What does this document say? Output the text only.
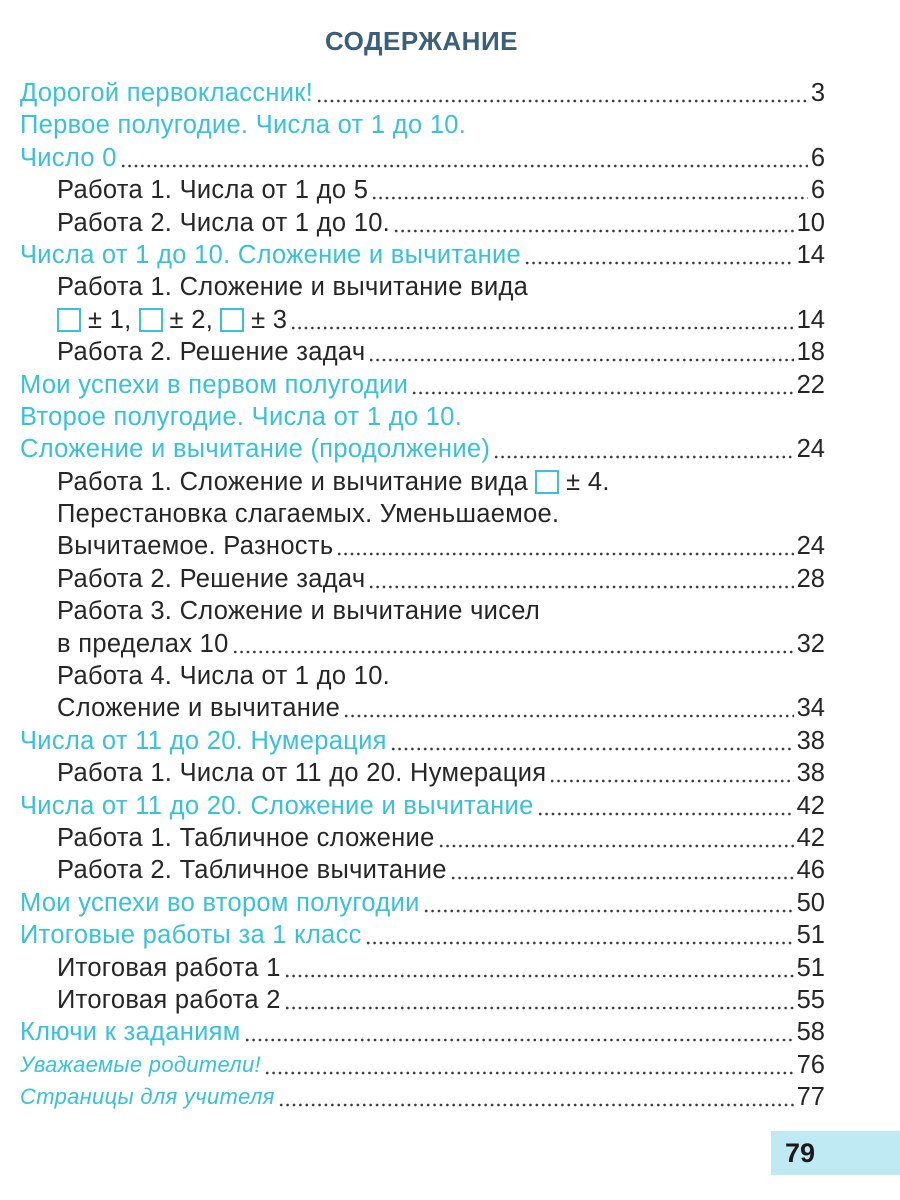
СОДЕРЖАНИЕ
Дорогой первоклассник!	3
Первое полугодие. Числа от 1 до 10.
Число 0	6
Работа 1. Числа от 1 до 5	6
Работа 2. Числа от 1 до 10.	10
Числа от 1 до 10. Сложение и вычитание	14
Работа 1. Сложение и вычитание вида
± 1, ± 2, ± 3	14
Работа 2. Решение задач	18
Мои успехи в первом полугодии	22
Второе полугодие. Числа от 1 до 10.
Сложение и вычитание (продолжение)	24
Работа 1. Сложение и вычитание вида ± 4.
Перестановка слагаемых. Уменьшаемое.
Вычитаемое. Разность	24
Работа 2. Решение задач	28
Работа 3. Сложение и вычитание чисел
в пределах 10	32
Работа 4. Числа от 1 до 10.
Сложение и вычитание	34
Числа от 11 до 20. Нумерация	38
Работа 1. Числа от 11 до 20. Нумерация	38
Числа от 11 до 20. Сложение и вычитание	42
Работа 1. Табличное сложение	42
Работа 2. Табличное вычитание	46
Мои успехи во втором полугодии	50
Итоговые работы за 1 класс	51
Итоговая работа 1	51
Итоговая работа 2	55
Ключи к заданиям	58
Уважаемые родители!	76
Страницы для учителя	77
79
